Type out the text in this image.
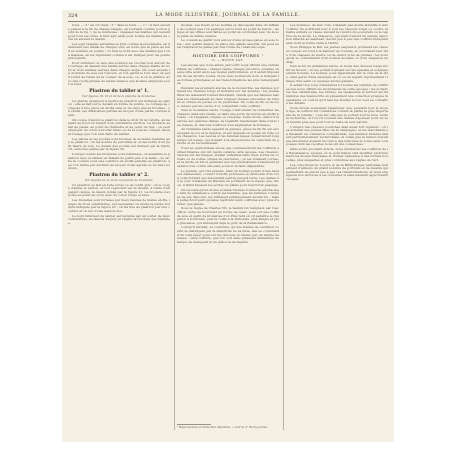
324	LA MODE ILLUSTRÉE, JOURNAL DE LA FAMILLE.

fond, — 4 ⁰ en crochets ; 3 ⁰ dans le fond ; — 1 ⁰ ; il faut ensuite passer à la fin de chaque rangée, en tournant comme pour le point de la fig. 1 de la mulhouse ; repassez les mailles qui restent pour tous les côtés. Il faut agir ainsi pour toutes les mailles de côté en suivant le dessin.

Les sept rangées suivantes se font comme la précédente, en diminuant une maille de chaque côté, en sorte que la pièce au fond se termine en pointe ; on fera le bord avec les mailles que l'on a laissées, en les reprenant comme il est indiqué pour les points précédents.

Pour terminer on fera une bordure au crochet tout autour de l'ouvrage, en faisant une maille serrée dans chaque maille du bord et trois mailles serrées dans chaque angle. On coud ensuite la doublure de soie sur l'envers, et l'on garnit le tour avec un petit ruché de ruban de la couleur de la soie, ou, si on le préfère, avec une ruche plissée de même nuance que la laine employée pour le fond.

Plastron du tablier n° 1.
Voir figures 18, 19 et 20 de la planche de broderies.

La grande épaisseur à mettre au plastron est indiquée au patron ; elle se fait sur le devant en forme de pointe. Le corsage se compose d'une pièce en étoffe unie et de deux pièces brodées ; on réunit ces différentes parties au moyen d'une petite couture à plat.

On coupe d'abord le plastron dans le droit fil de l'étoffe, en laissant au bord un rempli d'un centimètre environ. La broderie se fait au passé, au point de chaînette et au point de tige ; on peut employer du coton à broder blanc ou de la soie de couleur, suivant l'usage que l'on veut faire du tablier.

Les pattes et les poches sont brodées de la même manière que le plastron ; on les double de percaline et on les borde d'un petit liseré de soie. Le dessin des poches est indiqué par la figure 19, celui des pattes par la figure 20.

Lorsque toutes les broderies sont terminées, on assemble le plastron avec le tablier en faisant de petits plis à la taille ; on cache la couture sous une ceinture en étoffe pareille au plastron, que l'on ferme par derrière au moyen d'une agrafe ou de deux boutons.

Plastron du tablier n° 2.
Voir figures 21 et 22 de la planche de broderies.

Ce plastron se fait en toile écrue ou en coutil gris ; on le coupe d'après le patron, et l'on reproduit sur le devant, à l'aide d'un papier calque, le dessin donné par la figure 21. La broderie s'exécute au point de croix avec du coton rouge et bleu.

Les bretelles sont formées par deux bandes de même étoffe, larges de trois centimètres, sur lesquelles on brode la petite bordure indiquée par la figure 22 ; on les fixe au plastron par une couture et on les croise dans le dos.

Le bord inférieur du tablier est terminé par un ourlet de deux centimètres, au-dessus duquel on répète la bordure des bretelles.

modèle. Les fleurs et les feuilles se découpent dans du taffetas de couleur que l'on applique sur le fond au point de feston ; les tiges et les vrilles sont faites au point de cordonnet avec de la soie plate de même nuance.

Le coussin se garnit tout autour d'une grosse ganse en soie torse ; aux quatre angles on place des glands assortis. On peut aussi remplacer la ganse par une ruche de ruban découpé.

HISTOIRE DES COIFFURES ¹
II. — MOYEN ÂGE.

Les siècles que nous allons parcourir nous offrent une variété infinie de coiffures ; chaque règne, chaque province, presque chaque ville avait alors ses modes particulières, et il serait impossible de les décrire toutes. Nous nous bornerons donc à indiquer les formes principales et les transformations les plus remarquables.

Pendant les premiers siècles de la monarchie, les femmes portaient les cheveux longs et flottants sur les épaules ; les jeunes filles les laissaient tomber librement, tandis que les femmes mariées les réunissaient en deux longues tresses entourées de rubans et ornées de perles ou de pierreries. Un voile de lin ou de soie, retenu par un cercle d'or, complétait cette coiffure.

Vers le douzième siècle, l'usage s'introduisit de renfermer les cheveux dans une résille ou dans une sorte de bourse en étoffe brodée ; on l'appelait crépine ou crespine. Cette mode, d'abord réservée aux grandes dames, se répandit rapidement dans toutes les classes, et chacune s'efforça d'en augmenter la richesse.

Au treizième siècle apparut la guimpe, pièce de lin fin qui enveloppait le cou et le menton, et sur laquelle on posait un voile ou un chaperon. Les veuves et les femmes âgées conservèrent longtemps cet usage, qui donnait à la physionomie un caractère de gravité et de recueillement.

C'est au quatorzième siècle que commencèrent les coiffures extraordinaires qui ont rendu célèbre cette époque. Les cheveux, relevés sur les tempes, étaient enfermés dans deux sortes de cornets ou de boîtes ornées de pierreries ; on les nommait cornes, et la mode en fut si générale que les prédicateurs s'élevèrent plusieurs fois contre elle sans pouvoir la faire disparaître.

Le hennin, qui vint ensuite, était un bonnet pointu d'une hauteur démesurée, couvert d'étoffe précieuse et surmonté d'un long voile flottant qui descendait parfois jusqu'à terre. Les dames de la cour d'Isabeau de Bavière en portaient de si élevés que, dit-on, il fallut hausser les portes du palais pour leur livrer passage.

On raconte qu'un moine nommé Thomas Connecte prêcha avec tant de véhémence contre les hennins, que les femmes, touchées de ses discours, les brûlaient publiquement devant lui ; mais à peine fut-il parti qu'elles reprirent leurs coiffures avec plus d'ardeur que jamais.

Sous le règne de Charles VII, le hennin fut remplacé par l'escoffion, sorte de bourrelet en forme de cœur, posé sur une coiffe de soie et garni de broderies d'or. Plus tard on vit paraître le chaperon à bourrelet, puis la coiffe à la française, plus simple et plus gracieuse, qui annonçait déjà le goût de la Renaissance.

Lorsqu'il arrivait, au contraire, qu'une femme de condition voulût se distinguer par la simplicité de sa mise, elle se contentait d'un voile léger posé sur les cheveux et retenu par un simple bandeau ; cette coiffure, que l'on voit dans plusieurs miniatures du temps, ne manquait ni de grâce ni de dignité.

¹ Reproduction et traduction interdites. — Voir le n° 39 du journal.

Les hommes, de leur côté, n'étaient pas moins attentifs à leur coiffure. Ils portèrent tour à tour les cheveux longs ou courts, la barbe entière ou rasée, suivant la volonté du souverain ou le caprice de la mode. Le chaperon, qui était d'abord un simple capuchon attaché au manteau, devint peu à peu une coiffure indépendante dont la forme varia à l'infini.

Sous Philippe le Bel, les jeunes seigneurs portaient les cheveux coupés en rond à la hauteur de l'oreille, et couvraient leur tête d'un chapeau de feutre ou de castor orné de plumes ; les bourgeois se contentaient d'un bonnet de laine ou d'un chaperon de drap.

Vers la fin du quinzième siècle, la mode des cheveux longs revint en faveur ; on les portait tombant sur les épaules et soigneusement bouclés. Le bonnet, posé légèrement sur le côté de la tête, était garni d'une enseigne en or ou en argent représentant l'image d'un saint ou quelque devise galante.

Il serait trop long d'énumérer ici toutes les variétés de coiffures que nous offrent les monuments de cette époque ; les sculptures des cathédrales, les vitraux, les tapisseries et surtout les miniatures des manuscrits en présentent une collection presque inépuisable, et c'est là qu'il faut les étudier si l'on veut en connaître les détails.

Nous ferons seulement remarquer que, pendant tout le moyen âge, la coiffure fut considérée comme la partie la plus importante de la toilette ; c'est sur elle que se portait tout le luxe, toute la recherche, et l'on vit souvent des dames dépenser pour un seul hennin plus que pour tout le reste de leur parure.

L'emploi des cheveux postiches était aussi fort répandu ; on les achetait aux jeunes filles de la campagne, et les marchands en faisaient un commerce considérable. Les femmes blondes étaient particulièrement recherchées, et celles que la nature n'avait pas favorisées avaient recours à des teintures et à des eaux composées dont les recettes nous ont été conservées.

Dans notre prochain article, nous étudierons les coiffures de la Renaissance, époque où le goût italien vint modifier profondément les modes françaises et donner naissance à des formes nouvelles, plus élégantes et plus conformes aux règles de l'art.

Les collections du Louvre et de la Bibliothèque nationale renferment d'ailleurs un grand nombre de portraits et de dessins qui permettent de suivre pas à pas ces transformations, et nous engageons nos lectrices à les consulter si elles désirent approfondir ce sujet.
